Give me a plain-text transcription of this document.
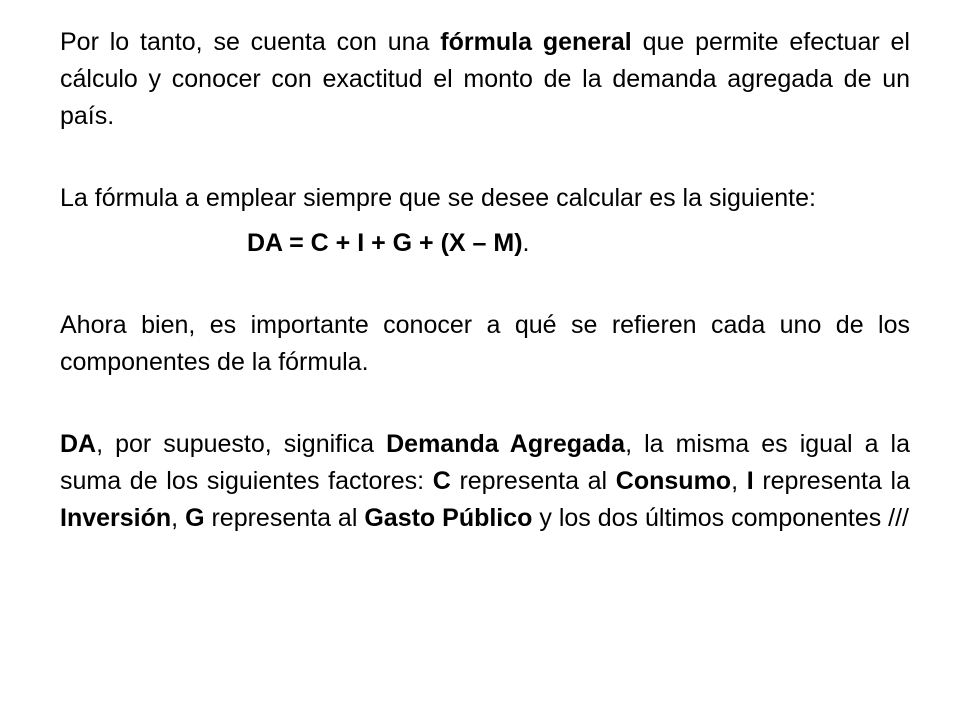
Por lo tanto, se cuenta con una fórmula general que permite efectuar el cálculo y conocer con exactitud el monto de la demanda agregada de un país.

La fórmula a emplear siempre que se desee calcular es la siguiente:

DA = C + I + G + (X – M).

Ahora bien, es importante conocer a qué se refieren cada uno de los componentes de la fórmula.

DA, por supuesto, significa Demanda Agregada, la misma es igual a la suma de los siguientes factores: C representa al Consumo, I representa la Inversión, G representa al Gasto Público y los dos últimos componentes ///
